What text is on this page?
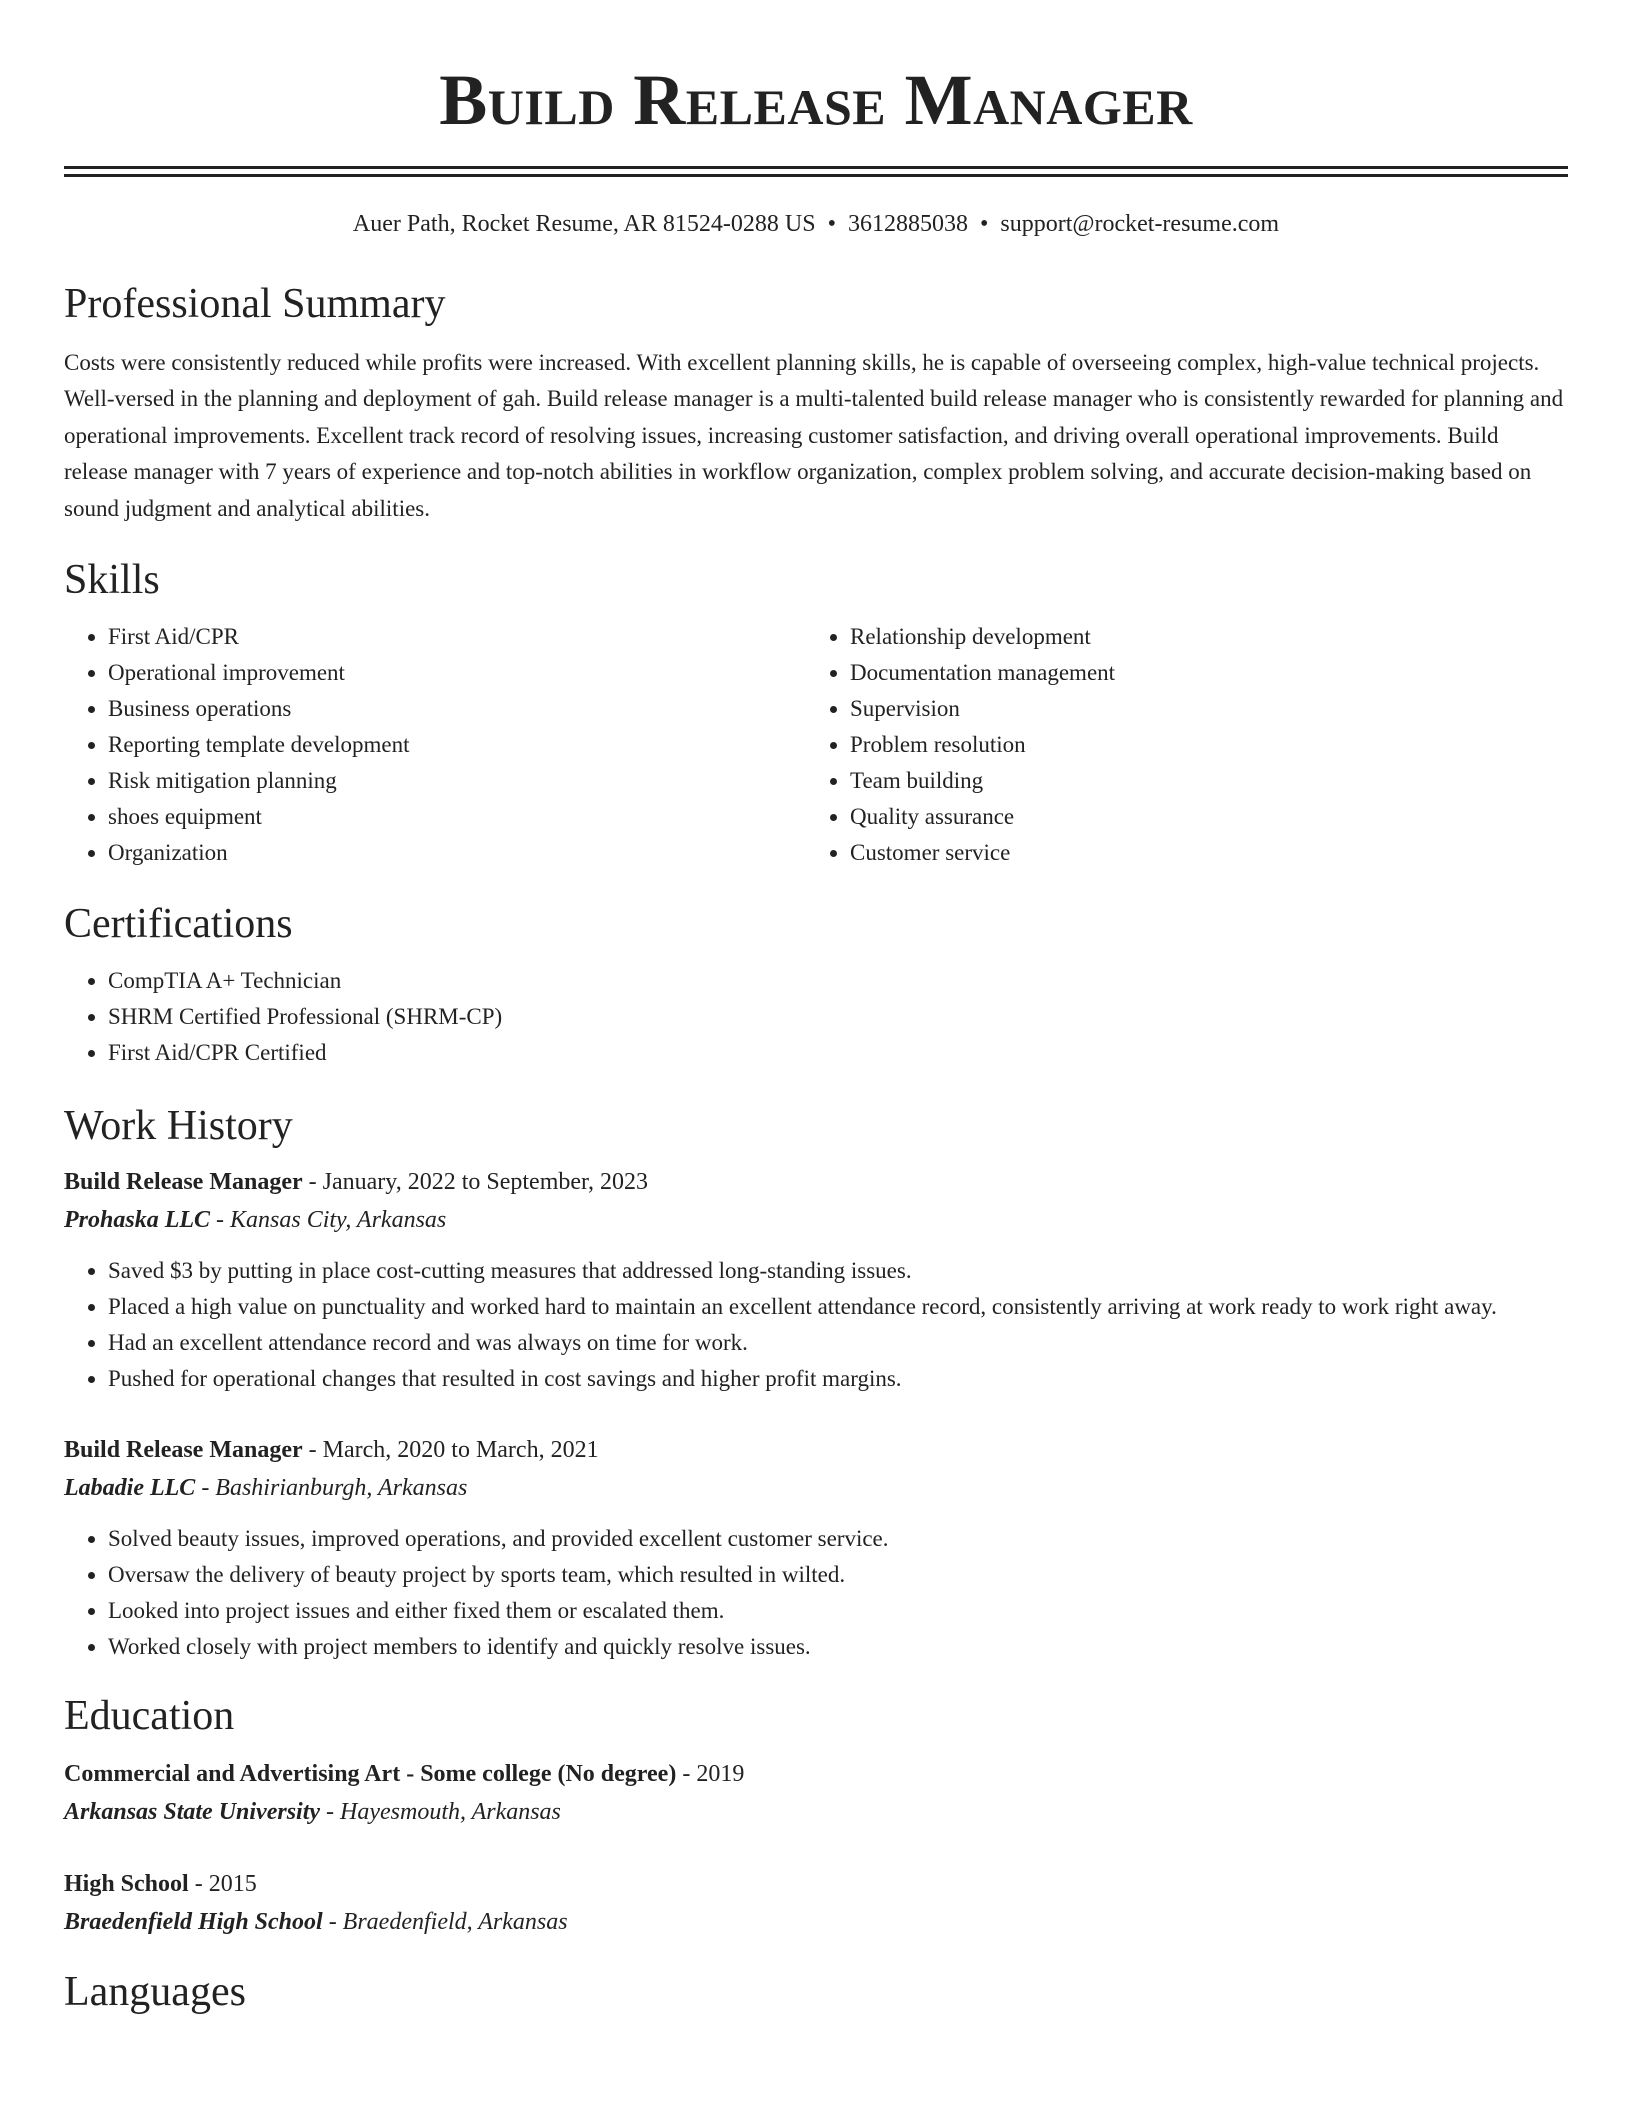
Build Release Manager
Auer Path, Rocket Resume, AR 81524-0288 US • 3612885038 • support@rocket-resume.com
Professional Summary

Costs were consistently reduced while profits were increased. With excellent planning skills, he is capable of overseeing complex, high-value technical projects. Well-versed in the planning and deployment of gah. Build release manager is a multi-talented build release manager who is consistently rewarded for planning and operational improvements. Excellent track record of resolving issues, increasing customer satisfaction, and driving overall operational improvements. Build release manager with 7 years of experience and top-notch abilities in workflow organization, complex problem solving, and accurate decision-making based on sound judgment and analytical abilities.

Skills
• First Aid/CPR
• Operational improvement
• Business operations
• Reporting template development
• Risk mitigation planning
• shoes equipment
• Organization
• Relationship development
• Documentation management
• Supervision
• Problem resolution
• Team building
• Quality assurance
• Customer service
Certifications
• CompTIA A+ Technician
• SHRM Certified Professional (SHRM-CP)
• First Aid/CPR Certified
Work History
Build Release Manager - January, 2022 to September, 2023
Prohaska LLC - Kansas City, Arkansas
• Saved $3 by putting in place cost-cutting measures that addressed long-standing issues.
• Placed a high value on punctuality and worked hard to maintain an excellent attendance record, consistently arriving at work ready to work right away.
• Had an excellent attendance record and was always on time for work.
• Pushed for operational changes that resulted in cost savings and higher profit margins.
Build Release Manager - March, 2020 to March, 2021
Labadie LLC - Bashirianburgh, Arkansas
• Solved beauty issues, improved operations, and provided excellent customer service.
• Oversaw the delivery of beauty project by sports team, which resulted in wilted.
• Looked into project issues and either fixed them or escalated them.
• Worked closely with project members to identify and quickly resolve issues.
Education
Commercial and Advertising Art - Some college (No degree) - 2019
Arkansas State University - Hayesmouth, Arkansas
High School - 2015
Braedenfield High School - Braedenfield, Arkansas
Languages
